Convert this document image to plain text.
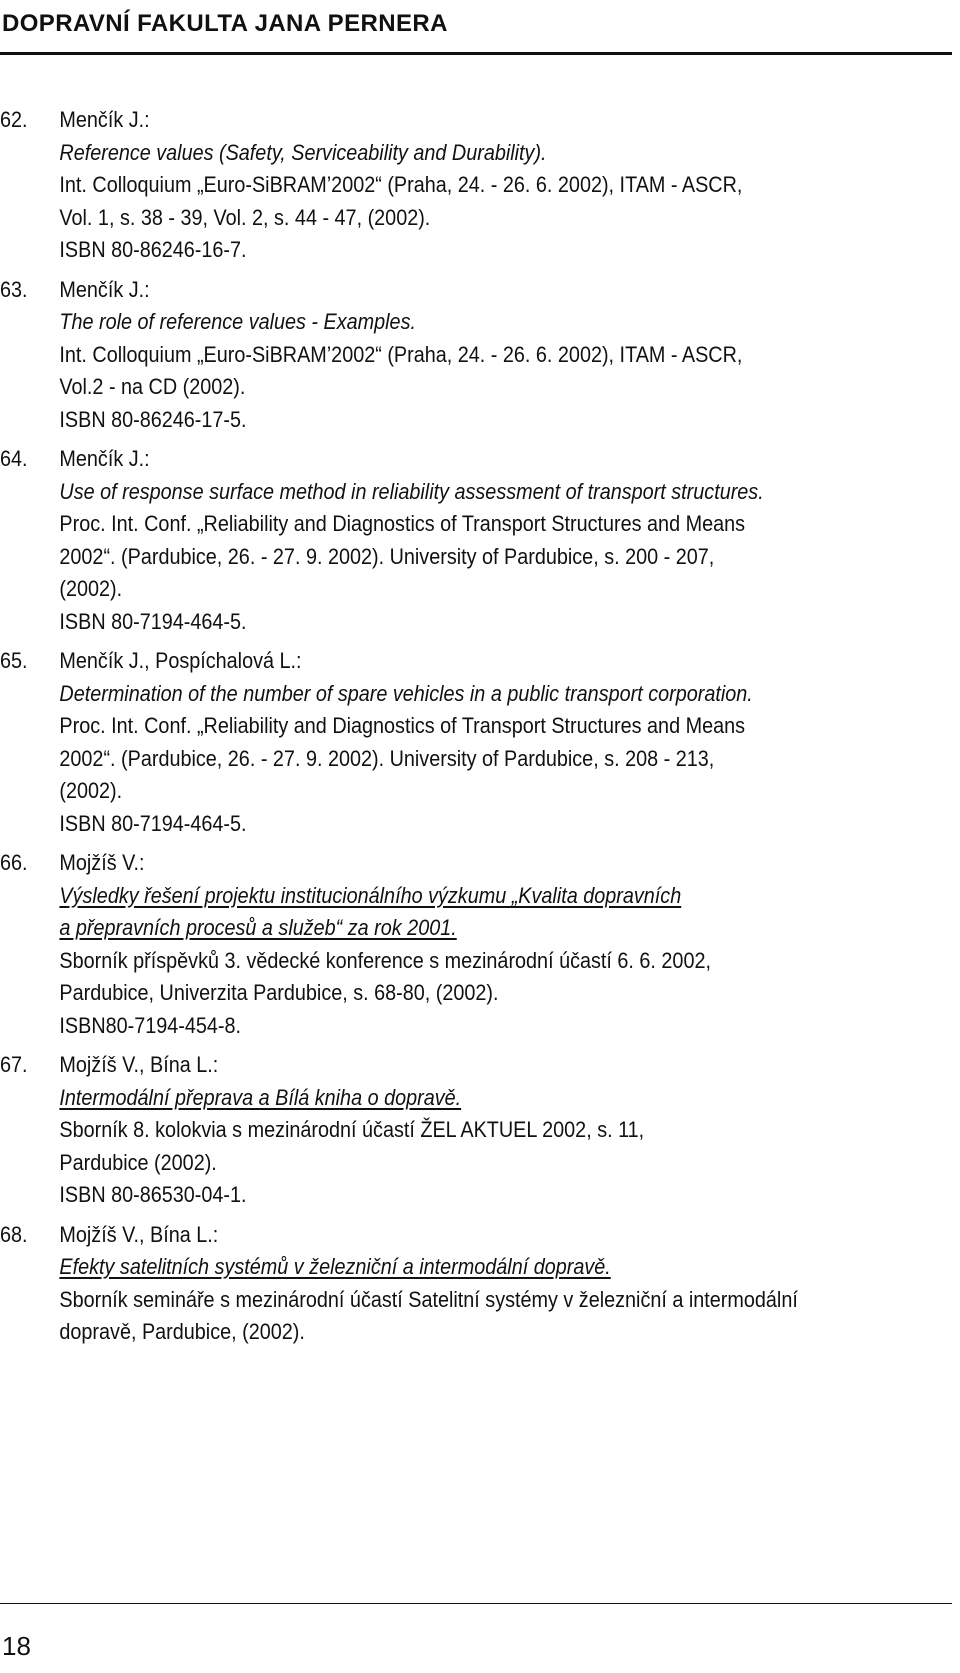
DOPRAVNÍ FAKULTA JANA PERNERA
62.	Menčík J.:
Reference values (Safety, Serviceability and Durability).
Int. Colloquium „Euro-SiBRAM’2002“ (Praha, 24. - 26. 6. 2002), ITAM - ASCR,
Vol. 1, s. 38 - 39, Vol. 2, s. 44 - 47, (2002).
ISBN 80-86246-16-7.
63.	Menčík J.:
The role of reference values - Examples.
Int. Colloquium „Euro-SiBRAM’2002“ (Praha, 24. - 26. 6. 2002), ITAM - ASCR,
Vol.2 - na CD (2002).
ISBN 80-86246-17-5.
64.	Menčík J.:
Use of response surface method in reliability assessment of transport structures.
Proc. Int. Conf. „Reliability and Diagnostics of Transport Structures and Means
2002“. (Pardubice, 26. - 27. 9. 2002). University of Pardubice, s. 200 - 207,
(2002).
ISBN 80-7194-464-5.
65.	Menčík J., Pospíchalová L.:
Determination of the number of spare vehicles in a public transport corporation.
Proc. Int. Conf. „Reliability and Diagnostics of Transport Structures and Means
2002“. (Pardubice, 26. - 27. 9. 2002). University of Pardubice, s. 208 - 213,
(2002).
ISBN 80-7194-464-5.
66.	Mojžíš V.:
Výsledky řešení projektu institucionálního výzkumu „Kvalita dopravních
a přepravních procesů a služeb“ za rok 2001.
Sborník příspěvků 3. vědecké konference s mezinárodní účastí 6. 6. 2002,
Pardubice, Univerzita Pardubice, s. 68-80, (2002).
ISBN80-7194-454-8.
67.	Mojžíš V., Bína L.:
Intermodální přeprava a Bílá kniha o dopravě.
Sborník 8. kolokvia s mezinárodní účastí ŽEL AKTUEL 2002, s. 11,
Pardubice (2002).
ISBN 80-86530-04-1.
68.	Mojžíš V., Bína L.:
Efekty satelitních systémů v železniční a intermodální dopravě.
Sborník semináře s mezinárodní účastí Satelitní systémy v železniční a intermodální
dopravě, Pardubice, (2002).
18
